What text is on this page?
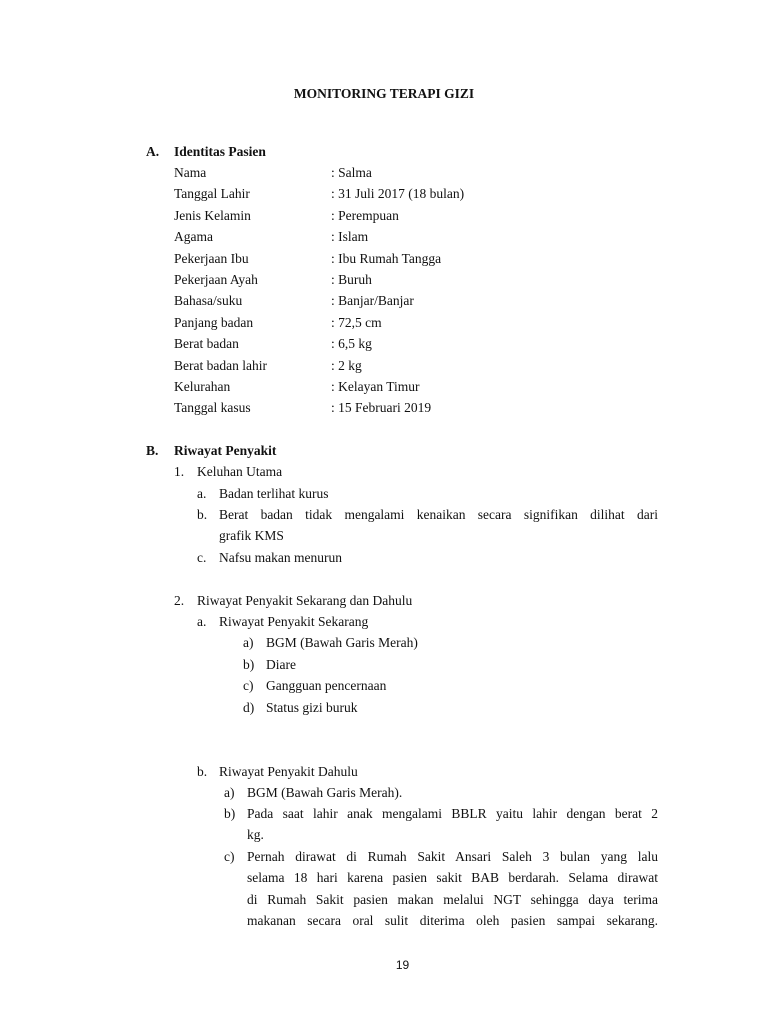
MONITORING TERAPI GIZI
A. Identitas Pasien
Nama	: Salma
Tanggal Lahir	: 31 Juli 2017 (18 bulan)
Jenis Kelamin	: Perempuan
Agama	: Islam
Pekerjaan Ibu	: Ibu Rumah Tangga
Pekerjaan Ayah	: Buruh
Bahasa/suku	: Banjar/Banjar
Panjang badan	: 72,5 cm
Berat badan	: 6,5 kg
Berat badan lahir	: 2 kg
Kelurahan	: Kelayan Timur
Tanggal kasus	: 15 Februari 2019
B. Riwayat Penyakit
1. Keluhan Utama
a. Badan terlihat kurus
b. Berat badan tidak mengalami kenaikan secara signifikan dilihat dari
grafik KMS
c. Nafsu makan menurun
2. Riwayat Penyakit Sekarang dan Dahulu
a. Riwayat Penyakit Sekarang
a) BGM (Bawah Garis Merah)
b) Diare
c) Gangguan pencernaan
d) Status gizi buruk
b. Riwayat Penyakit Dahulu
a) BGM (Bawah Garis Merah).
b) Pada saat lahir anak mengalami BBLR yaitu lahir dengan berat 2
kg.
c) Pernah dirawat di Rumah Sakit Ansari Saleh 3 bulan yang lalu
selama 18 hari karena pasien sakit BAB berdarah. Selama dirawat
di Rumah Sakit pasien makan melalui NGT sehingga daya terima
makanan secara oral sulit diterima oleh pasien sampai sekarang.
19
